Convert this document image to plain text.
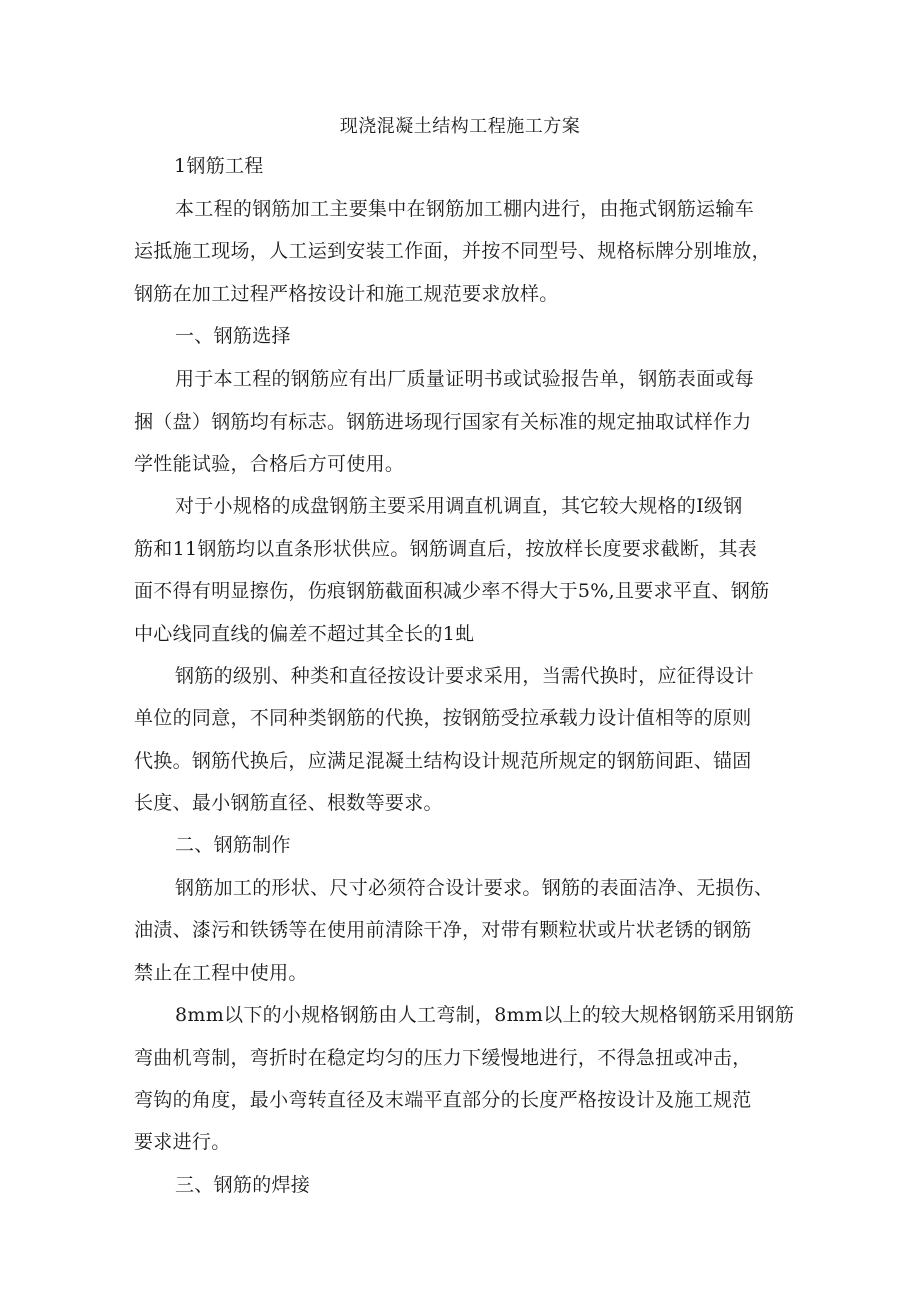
现浇混凝土结构工程施工方案
1钢筋工程
本工程的钢筋加工主要集中在钢筋加工棚内进行，由拖式钢筋运输车
运抵施工现场，人工运到安装工作面，并按不同型号、规格标牌分别堆放，
钢筋在加工过程严格按设计和施工规范要求放样。
一、钢筋选择
用于本工程的钢筋应有出厂质量证明书或试验报告单，钢筋表面或每
捆（盘）钢筋均有标志。钢筋进场现行国家有关标准的规定抽取试样作力
学性能试验，合格后方可使用。
对于小规格的成盘钢筋主要采用调直机调直，其它较大规格的Ⅰ级钢
筋和11钢筋均以直条形状供应。钢筋调直后，按放样长度要求截断，其表
面不得有明显擦伤，伤痕钢筋截面积减少率不得大于5%,且要求平直、钢筋
中心线同直线的偏差不超过其全长的1虬
钢筋的级别、种类和直径按设计要求采用，当需代换时，应征得设计
单位的同意，不同种类钢筋的代换，按钢筋受拉承载力设计值相等的原则
代换。钢筋代换后，应满足混凝土结构设计规范所规定的钢筋间距、锚固
长度、最小钢筋直径、根数等要求。
二、钢筋制作
钢筋加工的形状、尺寸必须符合设计要求。钢筋的表面洁净、无损伤、
油渍、漆污和铁锈等在使用前清除干净，对带有颗粒状或片状老锈的钢筋
禁止在工程中使用。
8mm以下的小规格钢筋由人工弯制，8mm以上的较大规格钢筋采用钢筋
弯曲机弯制，弯折时在稳定均匀的压力下缓慢地进行，不得急扭或冲击，
弯钩的角度，最小弯转直径及末端平直部分的长度严格按设计及施工规范
要求进行。
三、钢筋的焊接
